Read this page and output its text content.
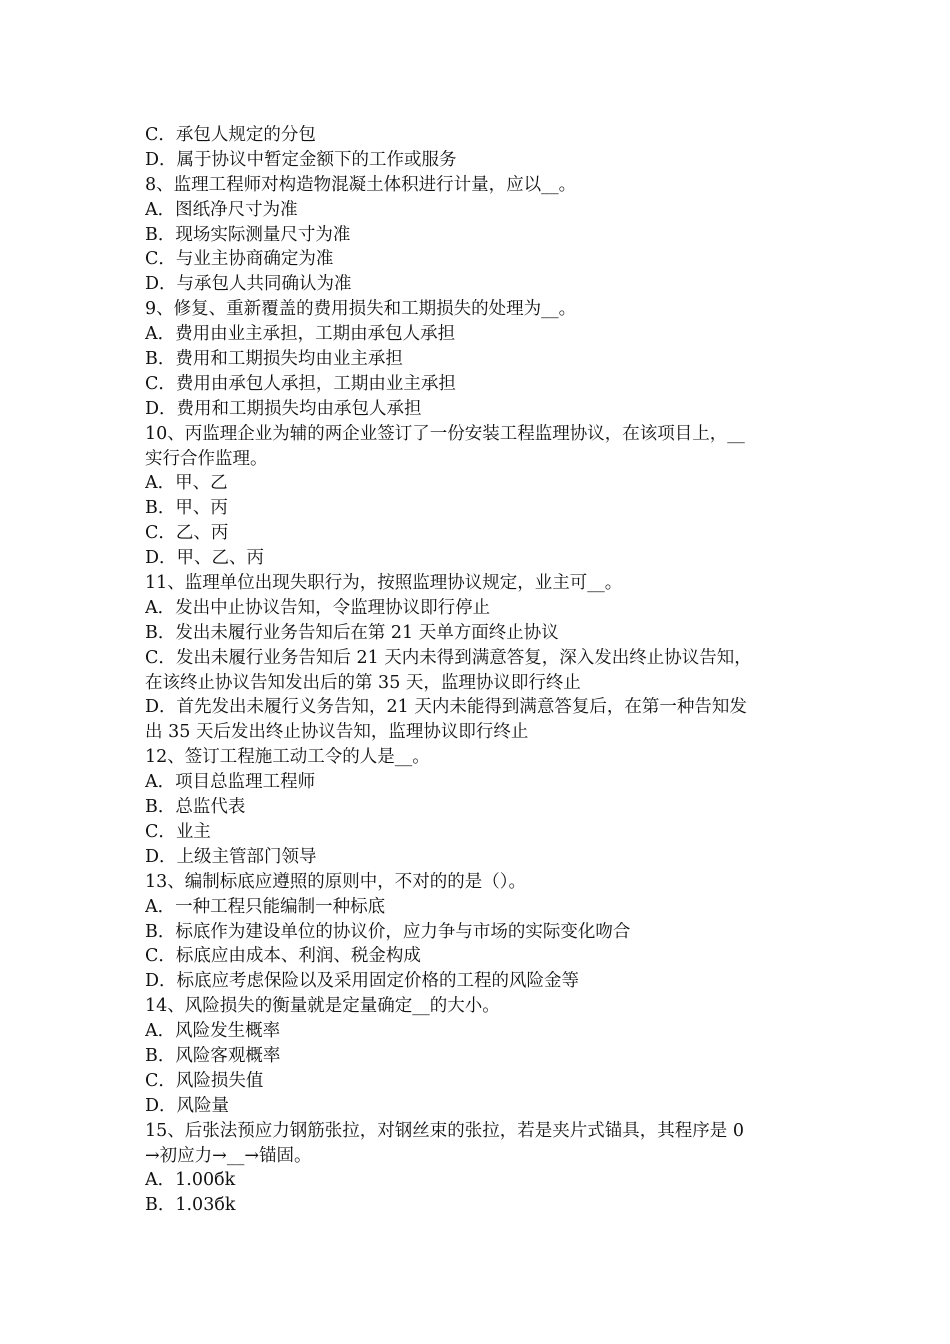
C．承包人规定的分包
D．属于协议中暂定金额下的工作或服务
8、监理工程师对构造物混凝土体积进行计量，应以__。
A．图纸净尺寸为准
B．现场实际测量尺寸为准
C．与业主协商确定为准
D．与承包人共同确认为准
9、修复、重新覆盖的费用损失和工期损失的处理为__。
A．费用由业主承担，工期由承包人承担
B．费用和工期损失均由业主承担
C．费用由承包人承担，工期由业主承担
D．费用和工期损失均由承包人承担
10、丙监理企业为辅的两企业签订了一份安装工程监理协议，在该项目上，__
实行合作监理。
A．甲、乙
B．甲、丙
C．乙、丙
D．甲、乙、丙
11、监理单位出现失职行为，按照监理协议规定，业主可__。
A．发出中止协议告知，令监理协议即行停止
B．发出未履行业务告知后在第 21 天单方面终止协议
C．发出未履行业务告知后 21 天内未得到满意答复，深入发出终止协议告知，
在该终止协议告知发出后的第 35 天，监理协议即行终止
D．首先发出未履行义务告知，21 天内未能得到满意答复后，在第一种告知发
出 35 天后发出终止协议告知，监理协议即行终止
12、签订工程施工动工令的人是__。
A．项目总监理工程师
B．总监代表
C．业主
D．上级主管部门领导
13、编制标底应遵照的原则中，不对的的是（）。
A．一种工程只能编制一种标底
B．标底作为建设单位的协议价，应力争与市场的实际变化吻合
C．标底应由成本、利润、税金构成
D．标底应考虑保险以及采用固定价格的工程的风险金等
14、风险损失的衡量就是定量确定__的大小。
A．风险发生概率
B．风险客观概率
C．风险损失值
D．风险量
15、后张法预应力钢筋张拉，对钢丝束的张拉，若是夹片式锚具，其程序是 0
→初应力→__→锚固。
A．1.00бk
B．1.03бk
